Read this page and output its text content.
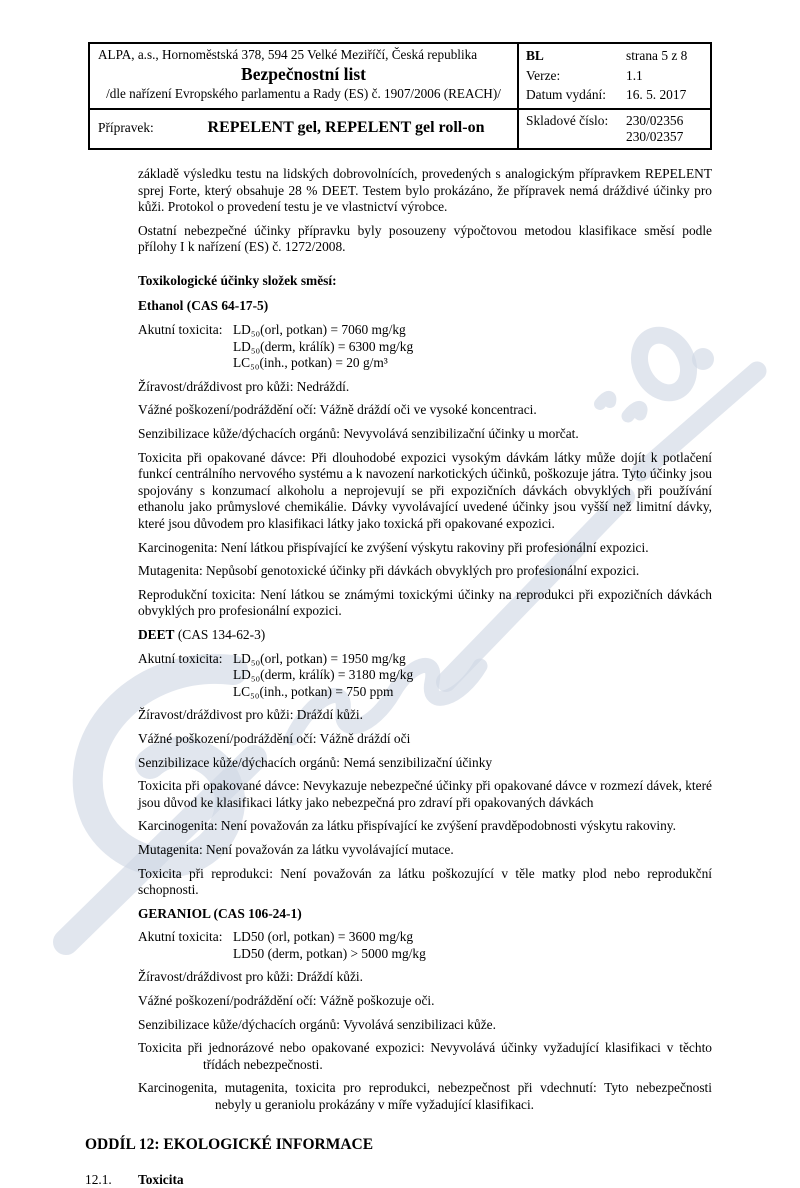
ALPA, a.s., Hornoměstská 378, 594 25 Velké Meziříčí, Česká republika
Bezpečnostní list
/dle nařízení Evropského parlamentu a Rady (ES) č. 1907/2006 (REACH)/
BL	strana 5 z 8
Verze:	1.1
Datum vydání:	16. 5. 2017
Přípravek:	REPELENT gel, REPELENT gel roll-on	Skladové číslo:	230/02356
230/02357

základě výsledku testu na lidských dobrovolnících, provedených s analogickým přípravkem REPELENT sprej Forte, který obsahuje 28 % DEET. Testem bylo prokázáno, že přípravek nemá dráždivé účinky pro kůži. Protokol o provedení testu je ve vlastnictví výrobce.

Ostatní nebezpečné účinky přípravku byly posouzeny výpočtovou metodou klasifikace směsí podle přílohy I k nařízení (ES) č. 1272/2008.

Toxikologické účinky složek směsí:

Ethanol (CAS 64-17-5)

Akutní toxicita: LD₅₀(orl, potkan) = 7060 mg/kg
LD₅₀(derm, králík) = 6300 mg/kg
LC₅₀(inh., potkan) = 20 g/m³

Žíravost/dráždivost pro kůži: Nedráždí.

Vážné poškození/podráždění očí: Vážně dráždí oči ve vysoké koncentraci.

Senzibilizace kůže/dýchacích orgánů: Nevyvolává senzibilizační účinky u morčat.

Toxicita při opakované dávce: Při dlouhodobé expozici vysokým dávkám látky může dojít k potlačení funkcí centrálního nervového systému a k navození narkotických účinků, poškozuje játra. Tyto účinky jsou spojovány s konzumací alkoholu a neprojevují se při expozičních dávkách obvyklých při používání ethanolu jako průmyslové chemikálie. Dávky vyvolávající uvedené účinky jsou vyšší než limitní dávky, které jsou důvodem pro klasifikaci látky jako toxická při opakované expozici.

Karcinogenita: Není látkou přispívající ke zvýšení výskytu rakoviny při profesionální expozici.

Mutagenita: Nepůsobí genotoxické účinky při dávkách obvyklých pro profesionální expozici.

Reprodukční toxicita: Není látkou se známými toxickými účinky na reprodukci při expozičních dávkách obvyklých pro profesionální expozici.

DEET (CAS 134-62-3)

Akutní toxicita: LD₅₀(orl, potkan) = 1950 mg/kg
LD₅₀(derm, králík) = 3180 mg/kg
LC₅₀(inh., potkan) = 750 ppm

Žíravost/dráždivost pro kůži: Dráždí kůži.

Vážné poškození/podráždění očí: Vážně dráždí oči

Senzibilizace kůže/dýchacích orgánů: Nemá senzibilizační účinky

Toxicita při opakované dávce: Nevykazuje nebezpečné účinky při opakované dávce v rozmezí dávek, které jsou důvod ke klasifikaci látky jako nebezpečná pro zdraví při opakovaných dávkách

Karcinogenita: Není považován za látku přispívající ke zvýšení pravděpodobnosti výskytu rakoviny.

Mutagenita: Není považován za látku vyvolávající mutace.

Toxicita při reprodukci: Není považován za látku poškozující v těle matky plod nebo reprodukční schopnosti.

GERANIOL (CAS 106-24-1)

Akutní toxicita: LD50 (orl, potkan) = 3600 mg/kg
LD50 (derm, potkan) > 5000 mg/kg

Žíravost/dráždivost pro kůži: Dráždí kůži.

Vážné poškození/podráždění očí: Vážně poškozuje oči.

Senzibilizace kůže/dýchacích orgánů: Vyvolává senzibilizaci kůže.

Toxicita při jednorázové nebo opakované expozici: Nevyvolává účinky vyžadující klasifikaci v těchto třídách nebezpečnosti.

Karcinogenita, mutagenita, toxicita pro reprodukci, nebezpečnost při vdechnutí: Tyto nebezpečnosti nebyly u geraniolu prokázány v míře vyžadující klasifikaci.

ODDÍL 12: EKOLOGICKÉ INFORMACE
12.1.	Toxicita
